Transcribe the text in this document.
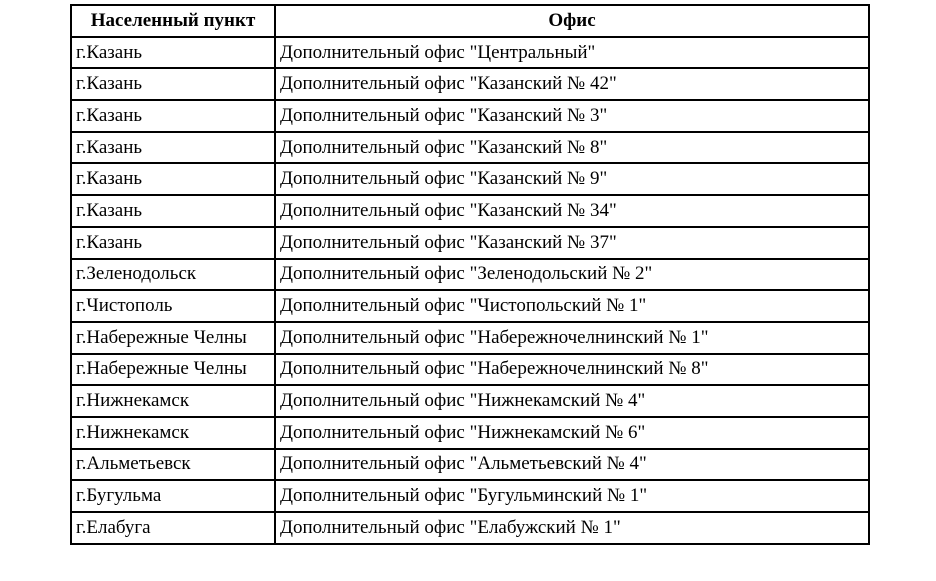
Населенный пункт	Офис
г.Казань	Дополнительный офис "Центральный"
г.Казань	Дополнительный офис "Казанский № 42"
г.Казань	Дополнительный офис "Казанский № 3"
г.Казань	Дополнительный офис "Казанский № 8"
г.Казань	Дополнительный офис "Казанский № 9"
г.Казань	Дополнительный офис "Казанский № 34"
г.Казань	Дополнительный офис "Казанский № 37"
г.Зеленодольск	Дополнительный офис "Зеленодольский № 2"
г.Чистополь	Дополнительный офис "Чистопольский № 1"
г.Набережные Челны	Дополнительный офис "Набережночелнинский № 1"
г.Набережные Челны	Дополнительный офис "Набережночелнинский № 8"
г.Нижнекамск	Дополнительный офис "Нижнекамский № 4"
г.Нижнекамск	Дополнительный офис "Нижнекамский № 6"
г.Альметьевск	Дополнительный офис "Альметьевский № 4"
г.Бугульма	Дополнительный офис "Бугульминский № 1"
г.Елабуга	Дополнительный офис "Елабужский № 1"
